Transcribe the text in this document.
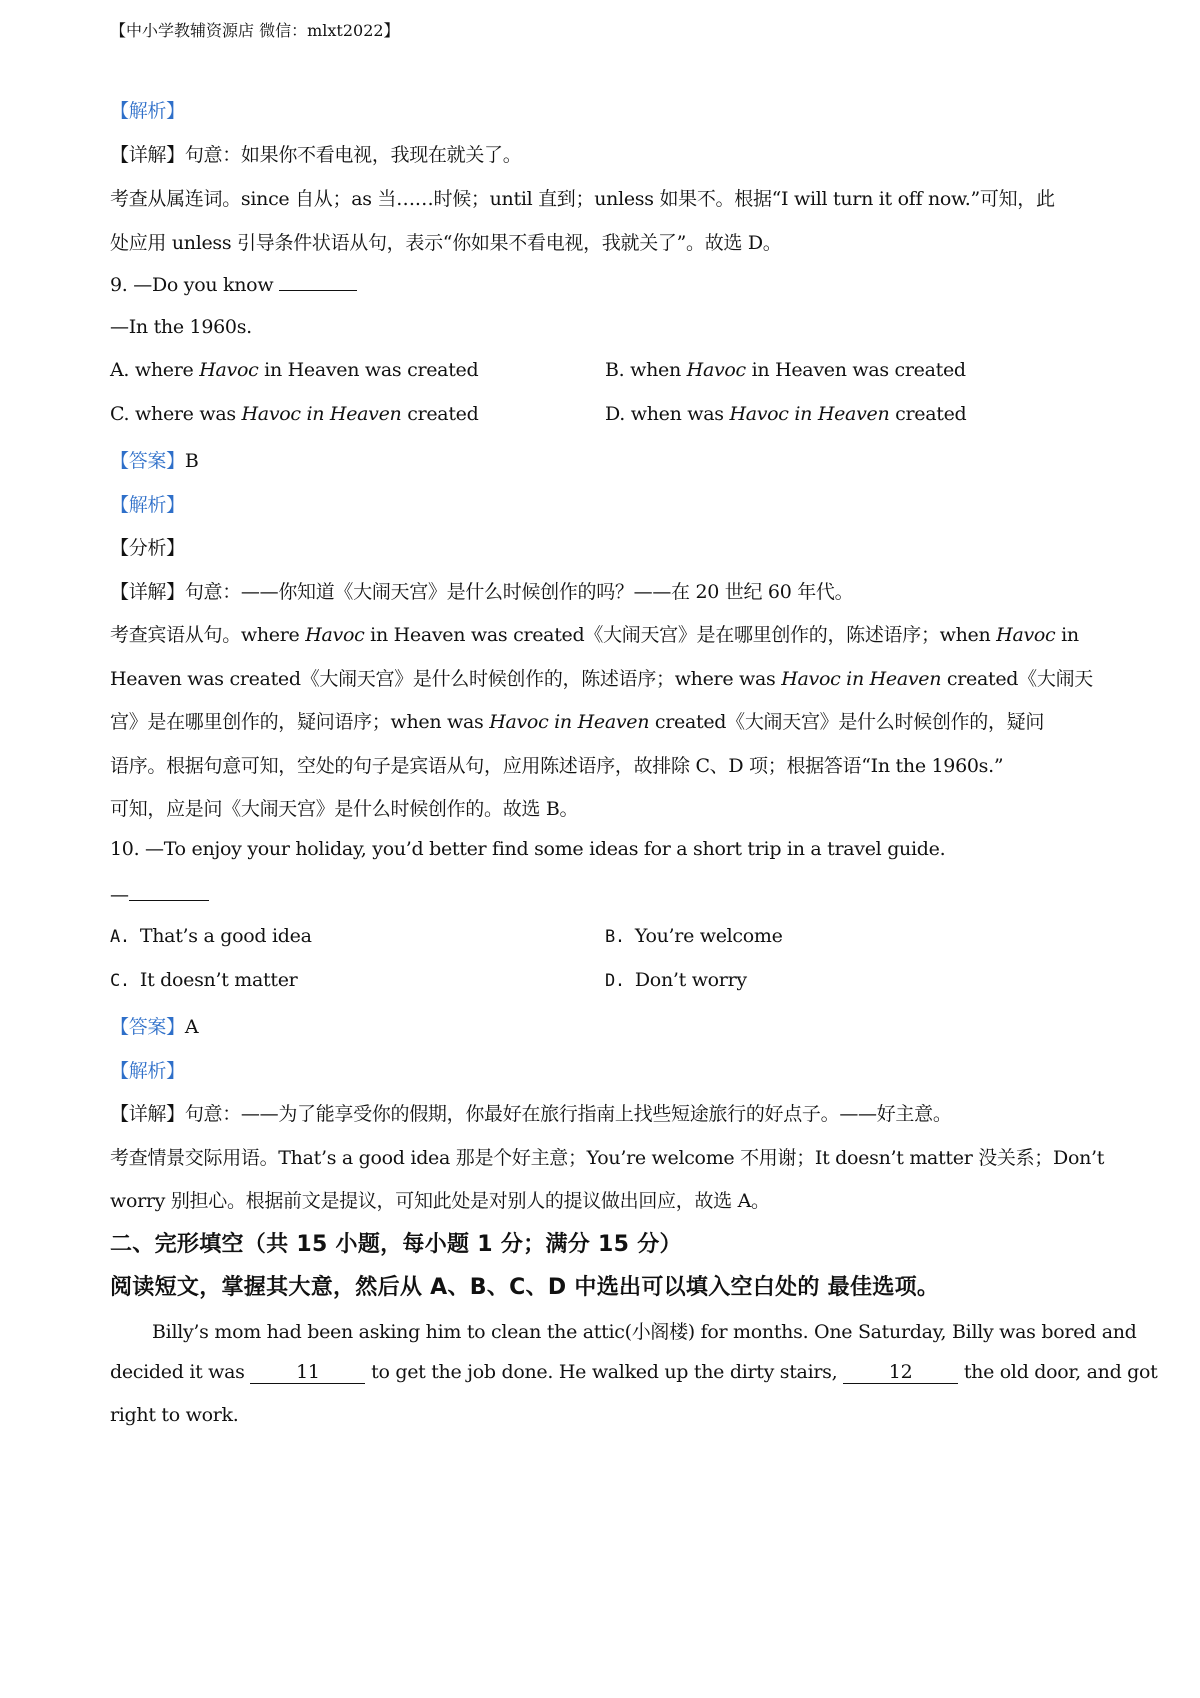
【中小学教辅资源店 微信：mlxt2022】
【解析】
【详解】句意：如果你不看电视，我现在就关了。
考查从属连词。since 自从；as 当……时候；until 直到；unless 如果不。根据“I will turn it off now.”可知，此
处应用 unless 引导条件状语从句，表示“你如果不看电视，我就关了”。故选 D。
9. —Do you know
—In the 1960s.
A. where Havoc in Heaven was created	B. when Havoc in Heaven was created
C. where was Havoc in Heaven created	D. when was Havoc in Heaven created
【答案】B
【解析】
【分析】
【详解】句意：——你知道《大闹天宫》是什么时候创作的吗？——在 20 世纪 60 年代。
考查宾语从句。where Havoc in Heaven was created《大闹天宫》是在哪里创作的，陈述语序；when Havoc in
Heaven was created《大闹天宫》是什么时候创作的，陈述语序；where was Havoc in Heaven created《大闹天
宫》是在哪里创作的，疑问语序；when was Havoc in Heaven created《大闹天宫》是什么时候创作的，疑问
语序。根据句意可知，空处的句子是宾语从句，应用陈述语序，故排除 C、D 项；根据答语“In the 1960s.”
可知，应是问《大闹天宫》是什么时候创作的。故选 B。
10. —To enjoy your holiday, you’d better find some ideas for a short trip in a travel guide.
—
A. That’s a good idea	B. You’re welcome
C. It doesn’t matter	D. Don’t worry
【答案】A
【解析】
【详解】句意：——为了能享受你的假期，你最好在旅行指南上找些短途旅行的好点子。——好主意。
考查情景交际用语。That’s a good idea 那是个好主意；You’re welcome 不用谢；It doesn’t matter 没关系；Don’t
worry 别担心。根据前文是提议，可知此处是对别人的提议做出回应，故选 A。
二、完形填空（共 15 小题，每小题 1 分；满分 15 分）
阅读短文，掌握其大意，然后从 A、B、C、D 中选出可以填入空白处的 最佳选项。
Billy’s mom had been asking him to clean the attic(小阁楼) for months. One Saturday, Billy was bored and
decided it was 11 to get the job done. He walked up the dirty stairs, 12 the old door, and got
right to work.
